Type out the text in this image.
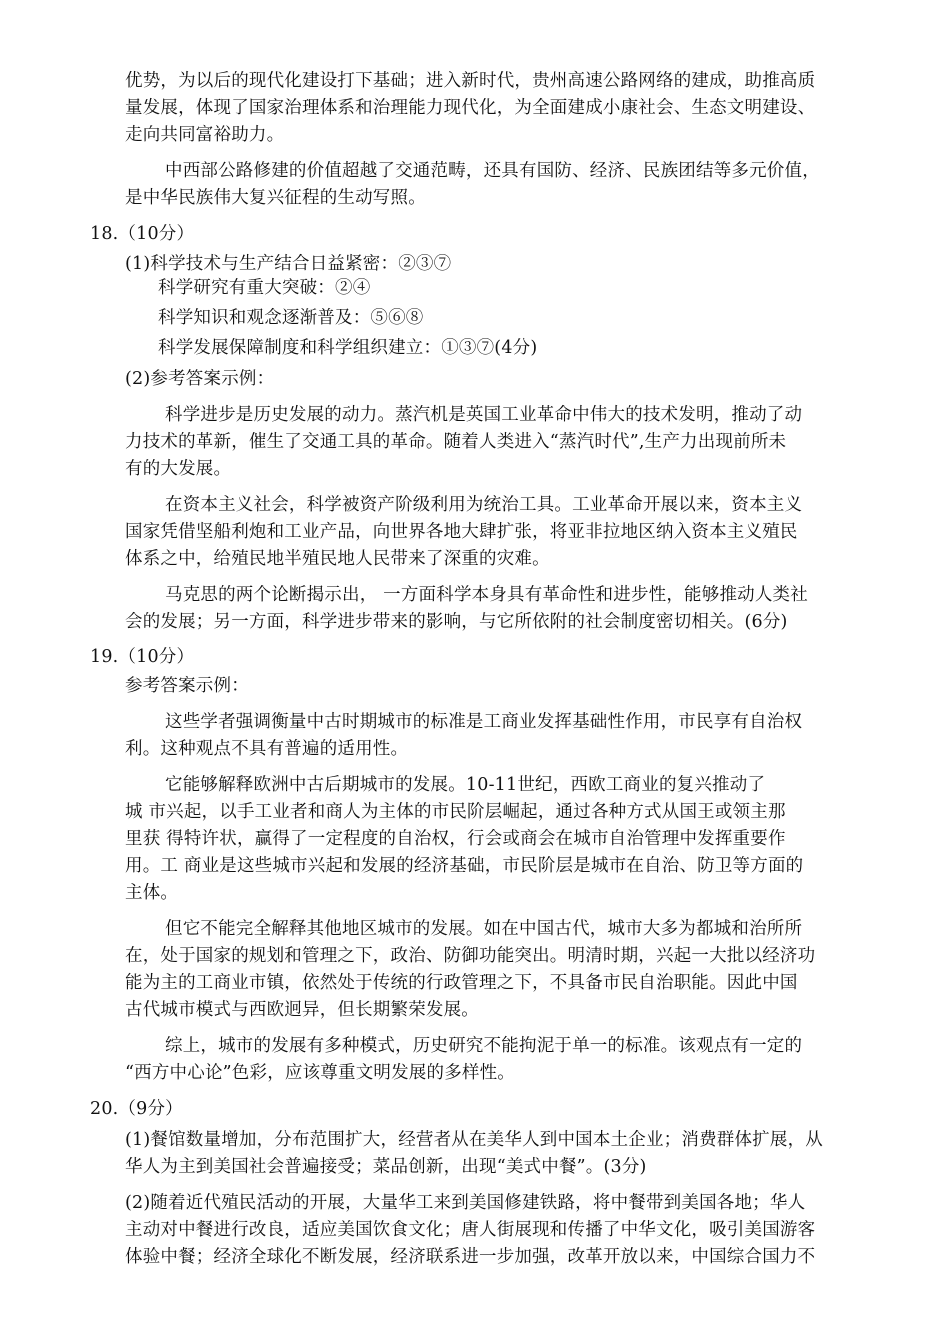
优势，为以后的现代化建设打下基础；进入新时代，贵州高速公路网络的建成，助推高质
量发展，体现了国家治理体系和治理能力现代化，为全面建成小康社会、生态文明建设、
走向共同富裕助力。
中西部公路修建的价值超越了交通范畴，还具有国防、经济、民族团结等多元价值，
是中华民族伟大复兴征程的生动写照。
18.（10分）
(1)科学技术与生产结合日益紧密：②③⑦
科学研究有重大突破：②④
科学知识和观念逐渐普及：⑤⑥⑧
科学发展保障制度和科学组织建立：①③⑦(4分)
(2)参考答案示例：
科学进步是历史发展的动力。蒸汽机是英国工业革命中伟大的技术发明，推动了动
力技术的革新，催生了交通工具的革命。随着人类进入“蒸汽时代”,生产力出现前所未
有的大发展。
在资本主义社会，科学被资产阶级利用为统治工具。工业革命开展以来，资本主义
国家凭借坚船利炮和工业产品，向世界各地大肆扩张，将亚非拉地区纳入资本主义殖民
体系之中，给殖民地半殖民地人民带来了深重的灾难。
马克思的两个论断揭示出， 一方面科学本身具有革命性和进步性，能够推动人类社
会的发展；另一方面，科学进步带来的影响，与它所依附的社会制度密切相关。(6分)
19.（10分）
参考答案示例：
这些学者强调衡量中古时期城市的标准是工商业发挥基础性作用，市民享有自治权
利。这种观点不具有普遍的适用性。
它能够解释欧洲中古后期城市的发展。10-11世纪，西欧工商业的复兴推动了
城 市兴起，以手工业者和商人为主体的市民阶层崛起，通过各种方式从国王或领主那
里获 得特许状，赢得了一定程度的自治权，行会或商会在城市自治管理中发挥重要作
用。工 商业是这些城市兴起和发展的经济基础，市民阶层是城市在自治、防卫等方面的
主体。
但它不能完全解释其他地区城市的发展。如在中国古代，城市大多为都城和治所所
在，处于国家的规划和管理之下，政治、防御功能突出。明清时期，兴起一大批以经济功
能为主的工商业市镇，依然处于传统的行政管理之下，不具备市民自治职能。因此中国
古代城市模式与西欧迥异，但长期繁荣发展。
综上，城市的发展有多种模式，历史研究不能拘泥于单一的标准。该观点有一定的
“西方中心论”色彩，应该尊重文明发展的多样性。
20.（9分）
(1)餐馆数量增加，分布范围扩大，经营者从在美华人到中国本土企业；消费群体扩展，从
华人为主到美国社会普遍接受；菜品创新，出现“美式中餐”。(3分)
(2)随着近代殖民活动的开展，大量华工来到美国修建铁路，将中餐带到美国各地；华人
主动对中餐进行改良，适应美国饮食文化；唐人街展现和传播了中华文化，吸引美国游客
体验中餐；经济全球化不断发展，经济联系进一步加强，改革开放以来，中国综合国力不
